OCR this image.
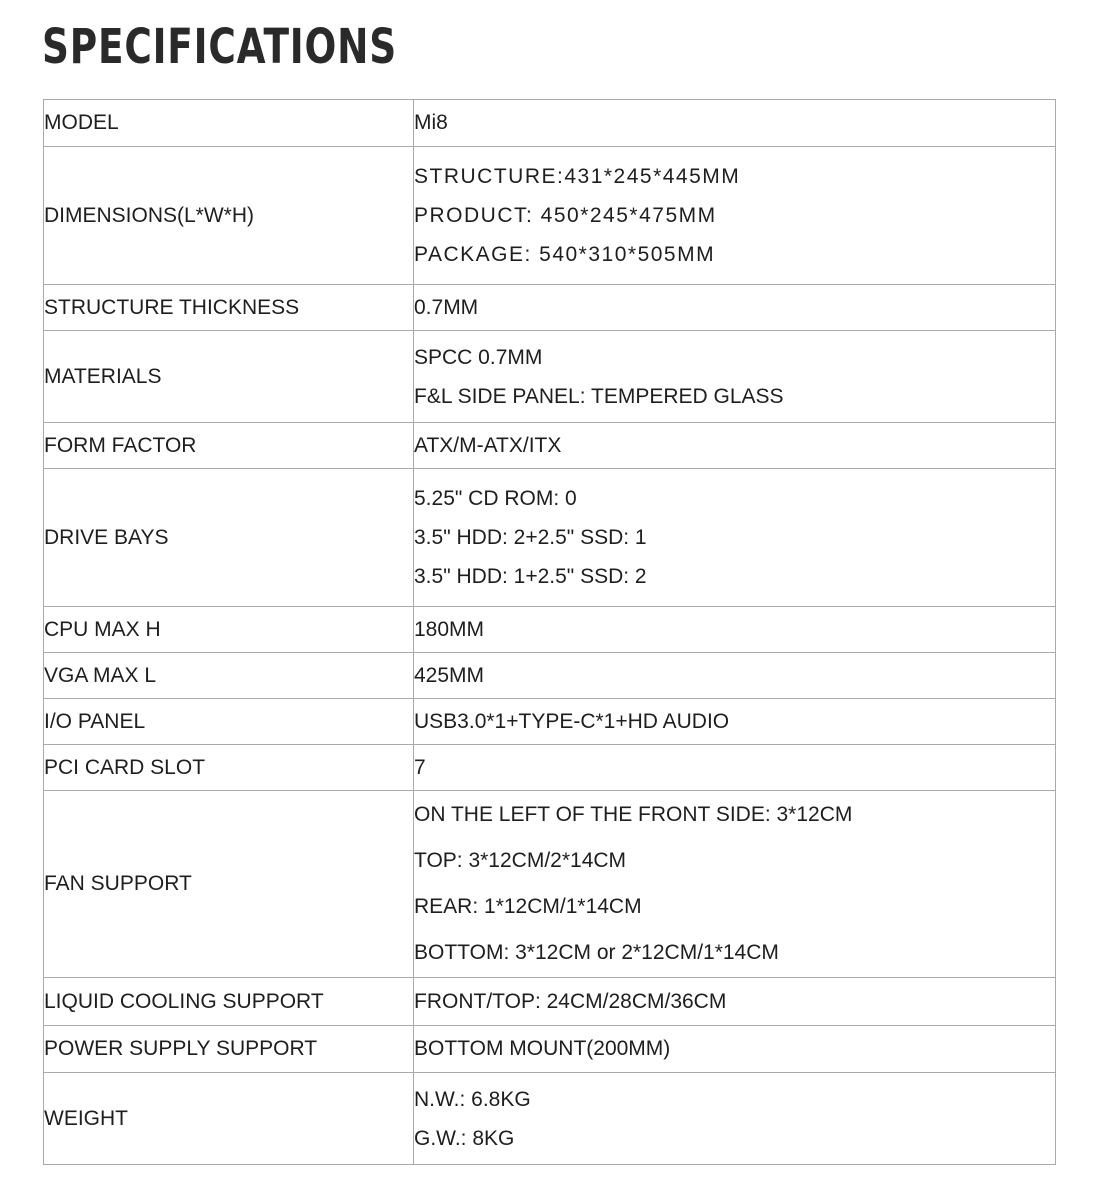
SPECIFICATIONS
MODEL	Mi8

DIMENSIONS(L*W*H)	STRUCTURE:431*245*445MM
PRODUCT: 450*245*475MM
PACKAGE: 540*310*505MM

STRUCTURE THICKNESS	0.7MM

MATERIALS	SPCC 0.7MM
F&L SIDE PANEL: TEMPERED GLASS

FORM FACTOR	ATX/M-ATX/ITX

DRIVE BAYS	5.25" CD ROM: 0
3.5" HDD: 2+2.5" SSD: 1
3.5" HDD: 1+2.5" SSD: 2

CPU MAX H	180MM

VGA MAX L	425MM

I/O PANEL	USB3.0*1+TYPE-C*1+HD AUDIO

PCI CARD SLOT	7

FAN SUPPORT	ON THE LEFT OF THE FRONT SIDE: 3*12CM
TOP: 3*12CM/2*14CM
REAR: 1*12CM/1*14CM
BOTTOM: 3*12CM or 2*12CM/1*14CM

LIQUID COOLING SUPPORT	FRONT/TOP: 24CM/28CM/36CM

POWER SUPPLY SUPPORT	BOTTOM MOUNT(200MM)

WEIGHT	N.W.: 6.8KG
G.W.: 8KG
